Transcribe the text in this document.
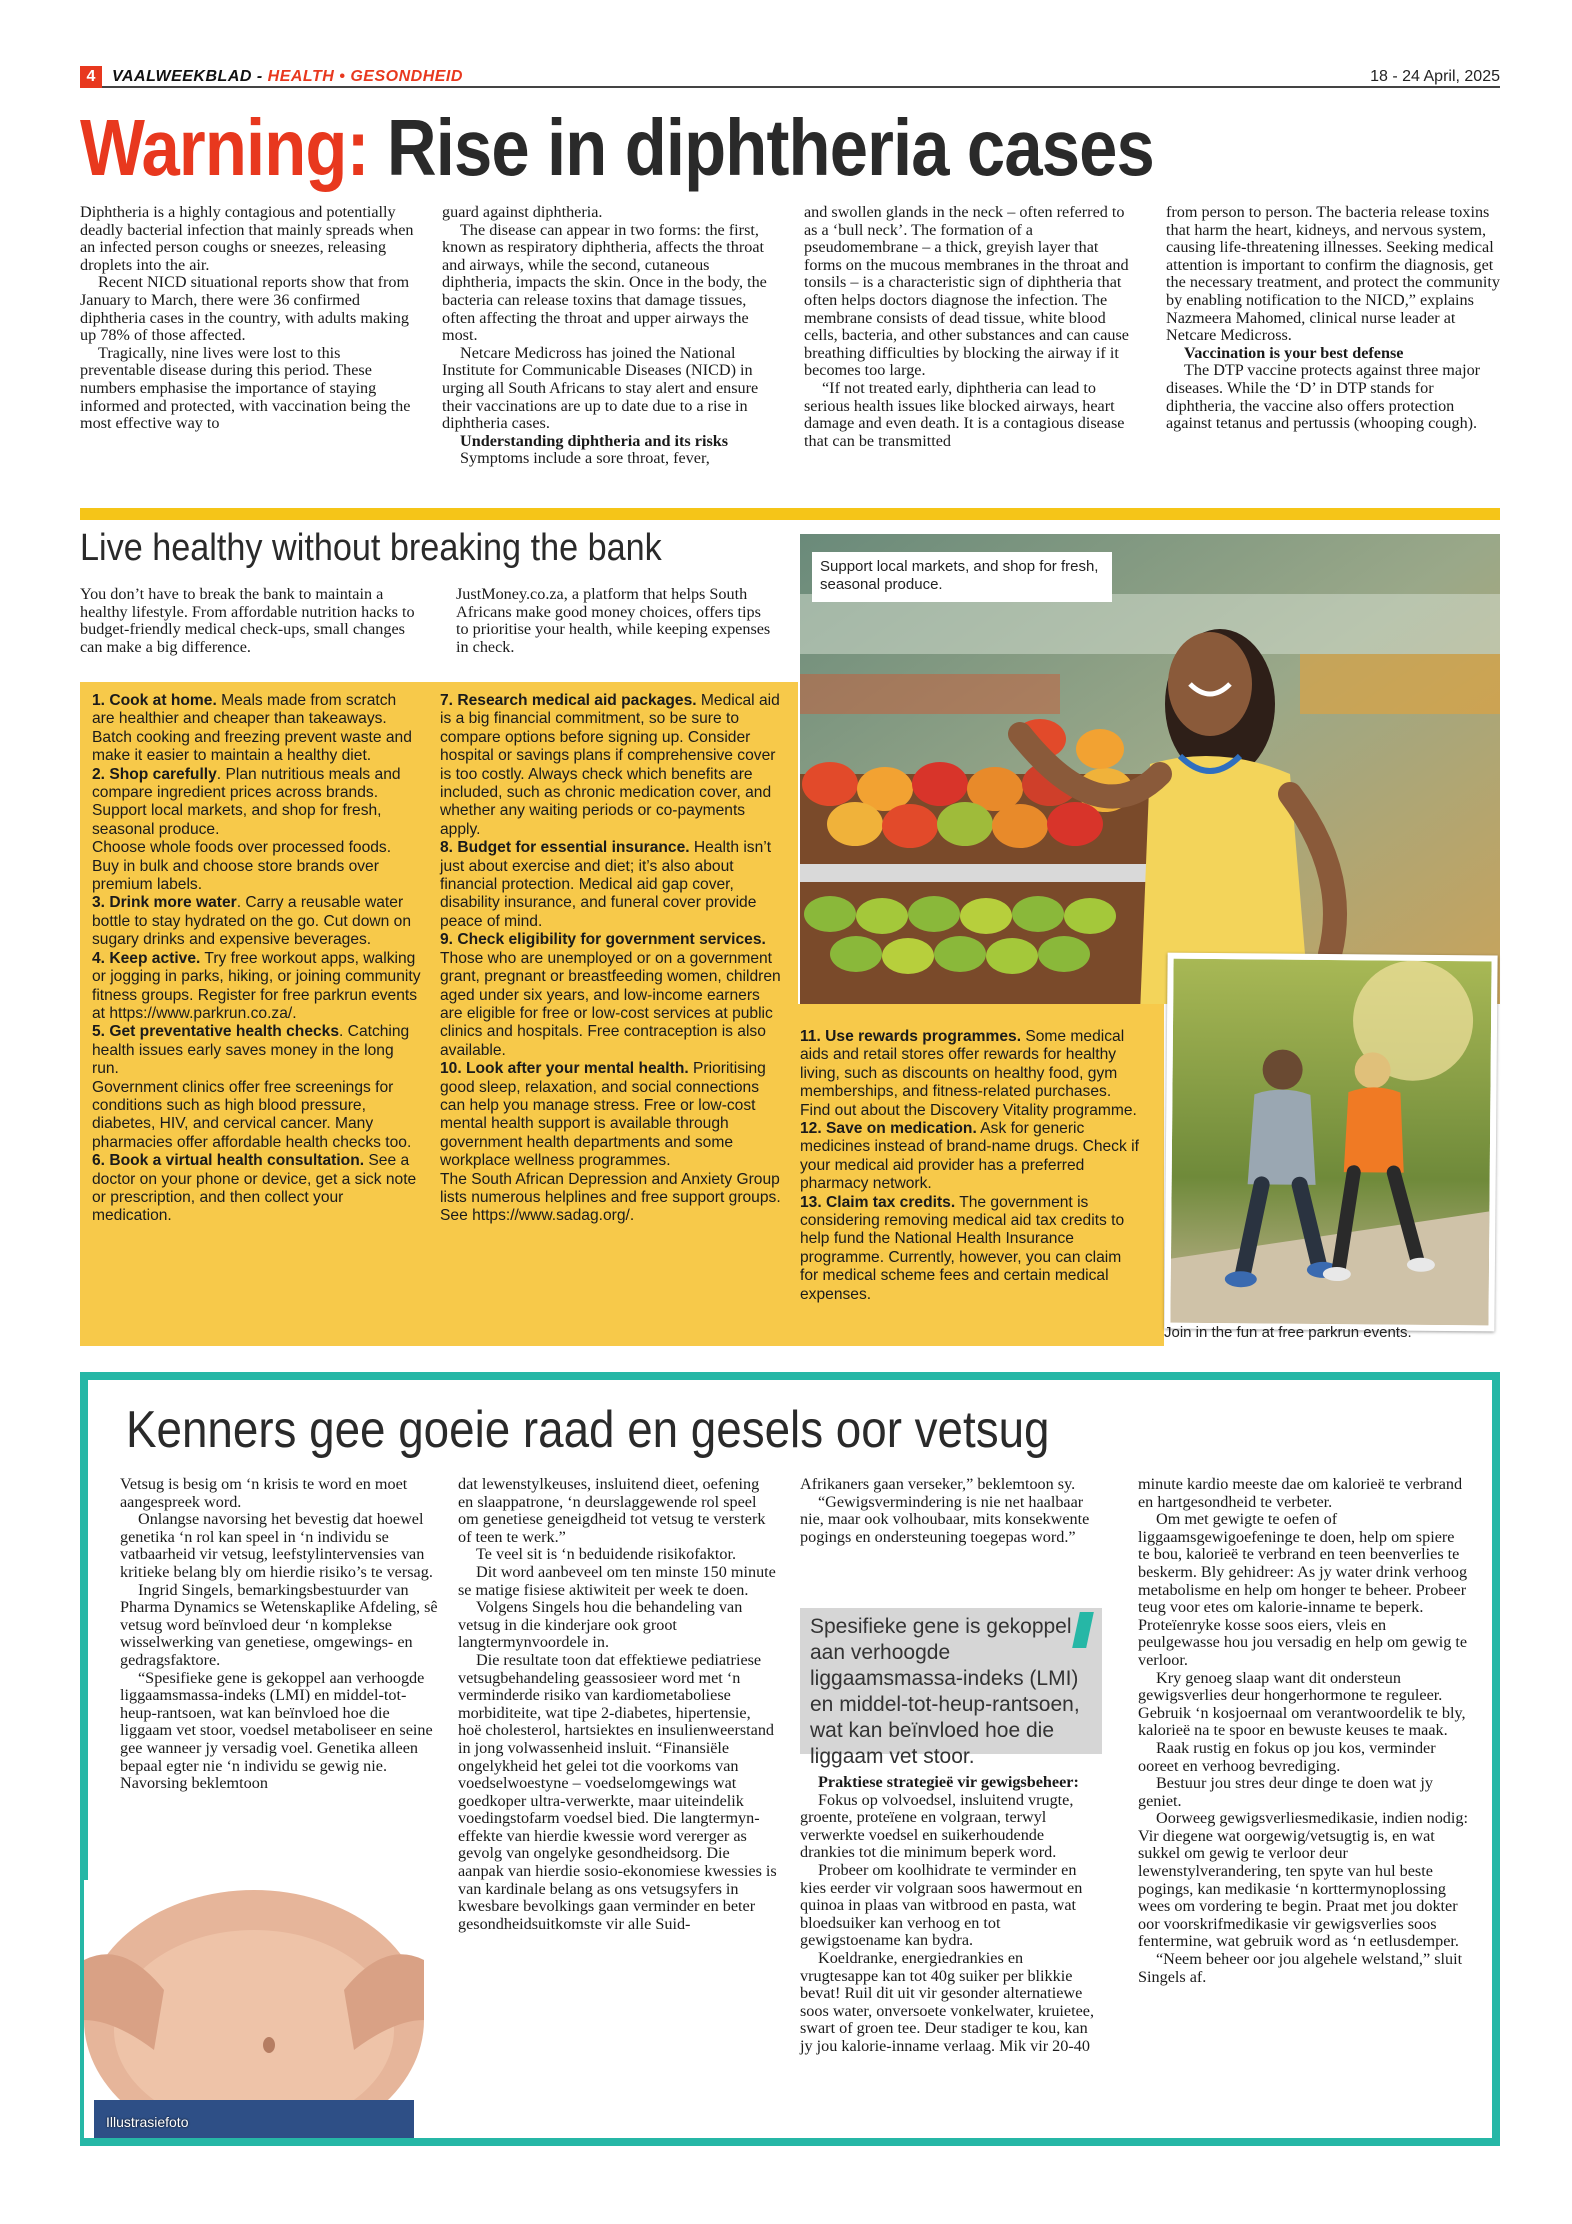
4	VAALWEEKBLAD - HEALTH • GESONDHEID	18 - 24 April, 2025
Warning: Rise in diphtheria cases

Diphtheria is a highly contagious and potentially deadly bacterial infection that mainly spreads when an infected person coughs or sneezes, releasing droplets into the air.

Recent NICD situational reports show that from January to March, there were 36 confirmed diphtheria cases in the country, with adults making up 78% of those affected.

Tragically, nine lives were lost to this preventable disease during this period. These numbers emphasise the importance of staying informed and protected, with vaccination being the most effective way to

guard against diphtheria.

The disease can appear in two forms: the first, known as respiratory diphtheria, affects the throat and airways, while the second, cutaneous diphtheria, impacts the skin. Once in the body, the bacteria can release toxins that damage tissues, often affecting the throat and upper airways the most.

Netcare Medicross has joined the National Institute for Communicable Diseases (NICD) in urging all South Africans to stay alert and ensure their vaccinations are up to date due to a rise in diphtheria cases.

Understanding diphtheria and its risks

Symptoms include a sore throat, fever,

and swollen glands in the neck – often referred to as a ‘bull neck’. The formation of a pseudomembrane – a thick, greyish layer that forms on the mucous membranes in the throat and tonsils – is a characteristic sign of diphtheria that often helps doctors diagnose the infection. The membrane consists of dead tissue, white blood cells, bacteria, and other substances and can cause breathing difficulties by blocking the airway if it becomes too large.

“If not treated early, diphtheria can lead to serious health issues like blocked airways, heart damage and even death. It is a contagious disease that can be transmitted

from person to person. The bacteria release toxins that harm the heart, kidneys, and nervous system, causing life-threatening illnesses. Seeking medical attention is important to confirm the diagnosis, get the necessary treatment, and protect the community by enabling notification to the NICD,” explains Nazmeera Mahomed, clinical nurse leader at Netcare Medicross.

Vaccination is your best defense

The DTP vaccine protects against three major diseases. While the ‘D’ in DTP stands for diphtheria, the vaccine also offers protection against tetanus and pertussis (whooping cough).

Live healthy without breaking the bank

You don’t have to break the bank to maintain a healthy lifestyle. From affordable nutrition hacks to budget-friendly medical check-ups, small changes can make a big difference.

JustMoney.co.za, a platform that helps South Africans make good money choices, offers tips to prioritise your health, while keeping expenses in check.

Support local markets, and shop for fresh, seasonal produce.

1. Cook at home. Meals made from scratch are healthier and cheaper than takeaways. Batch cooking and freezing prevent waste and make it easier to maintain a healthy diet.

2. Shop carefully. Plan nutritious meals and compare ingredient prices across brands. Support local markets, and shop for fresh, seasonal produce.

Choose whole foods over processed foods. Buy in bulk and choose store brands over premium labels.

3. Drink more water. Carry a reusable water bottle to stay hydrated on the go. Cut down on sugary drinks and expensive beverages.

4. Keep active. Try free workout apps, walking or jogging in parks, hiking, or joining community fitness groups. Register for free parkrun events at https://www.parkrun.co.za/.

5. Get preventative health checks. Catching health issues early saves money in the long run.

Government clinics offer free screenings for conditions such as high blood pressure, diabetes, HIV, and cervical cancer. Many pharmacies offer affordable health checks too.

6. Book a virtual health consultation. See a doctor on your phone or device, get a sick note or prescription, and then collect your medication.

7. Research medical aid packages. Medical aid is a big financial commitment, so be sure to compare options before signing up. Consider hospital or savings plans if comprehensive cover is too costly. Always check which benefits are included, such as chronic medication cover, and whether any waiting periods or co-payments apply.

8. Budget for essential insurance. Health isn’t just about exercise and diet; it’s also about financial protection. Medical aid gap cover, disability insurance, and funeral cover provide peace of mind.

9. Check eligibility for government services. Those who are unemployed or on a government grant, pregnant or breastfeeding women, children aged under six years, and low-income earners are eligible for free or low-cost services at public clinics and hospitals. Free contraception is also available.

10. Look after your mental health. Prioritising good sleep, relaxation, and social connections can help you manage stress. Free or low-cost mental health support is available through government health departments and some workplace wellness programmes.

The South African Depression and Anxiety Group lists numerous helplines and free support groups. See https://www.sadag.org/.

11. Use rewards programmes. Some medical aids and retail stores offer rewards for healthy living, such as discounts on healthy food, gym memberships, and fitness-related purchases. Find out about the Discovery Vitality programme.

12. Save on medication. Ask for generic medicines instead of brand-name drugs. Check if your medical aid provider has a preferred pharmacy network.

13. Claim tax credits. The government is considering removing medical aid tax credits to help fund the National Health Insurance programme. Currently, however, you can claim for medical scheme fees and certain medical expenses.

Join in the fun at free parkrun events.
Kenners gee goeie raad en gesels oor vetsug

Vetsug is besig om ‘n krisis te word en moet aangespreek word.

Onlangse navorsing het bevestig dat hoewel genetika ‘n rol kan speel in ‘n individu se vatbaarheid vir vetsug, leefstylintervensies van kritieke belang bly om hierdie risiko’s te versag.

Ingrid Singels, bemarkingsbestuurder van Pharma Dynamics se Wetenskaplike Afdeling, sê vetsug word beïnvloed deur ‘n komplekse wisselwerking van genetiese, omgewings- en gedragsfaktore.

“Spesifieke gene is gekoppel aan verhoogde liggaamsmassa-indeks (LMI) en middel-tot-heup-rantsoen, wat kan beïnvloed hoe die liggaam vet stoor, voedsel metaboliseer en seine gee wanneer jy versadig voel. Genetika alleen bepaal egter nie ‘n individu se gewig nie. Navorsing beklemtoon

dat lewenstylkeuses, insluitend dieet, oefening en slaappatrone, ‘n deurslaggewende rol speel om genetiese geneigdheid tot vetsug te versterk of teen te werk.”

Te veel sit is ‘n beduidende risikofaktor.

Dit word aanbeveel om ten minste 150 minute se matige fisiese aktiwiteit per week te doen.

Volgens Singels hou die behandeling van vetsug in die kinderjare ook groot langtermynvoordele in.

Die resultate toon dat effektiewe pediatriese vetsugbehandeling geassosieer word met ‘n verminderde risiko van kardiometaboliese morbiditeite, wat tipe 2-diabetes, hipertensie, hoë cholesterol, hartsiektes en insulienweerstand in jong volwassenheid insluit. “Finansiële ongelykheid het gelei tot die voorkoms van voedselwoestyne – voedselomgewings wat goedkoper ultra-verwerkte, maar uiteindelik voedingstofarm voedsel bied. Die langtermyn-effekte van hierdie kwessie word vererger as gevolg van ongelyke gesondheidsorg. Die aanpak van hierdie sosio-ekonomiese kwessies is van kardinale belang as ons vetsugsyfers in kwesbare bevolkings gaan verminder en beter gesondheidsuitkomste vir alle Suid-

Afrikaners gaan verseker,” beklemtoon sy.

“Gewigsvermindering is nie net haalbaar nie, maar ook volhoubaar, mits konsekwente pogings en ondersteuning toegepas word.”

Spesifieke gene is gekoppel aan verhoogde liggaamsmassa-indeks (LMI) en middel-tot-heup-rantsoen, wat kan beïnvloed hoe die liggaam vet stoor.
Praktiese strategieë vir gewigsbeheer:

Fokus op volvoedsel, insluitend vrugte, groente, proteïene en volgraan, terwyl verwerkte voedsel en suikerhoudende drankies tot die minimum beperk word.

Probeer om koolhidrate te verminder en kies eerder vir volgraan soos hawermout en quinoa in plaas van witbrood en pasta, wat bloedsuiker kan verhoog en tot gewigstoename kan bydra.

Koeldranke, energiedrankies en vrugtesappe kan tot 40g suiker per blikkie bevat! Ruil dit uit vir gesonder alternatiewe soos water, onversoete vonkelwater, kruietee, swart of groen tee. Deur stadiger te kou, kan jy jou kalorie-inname verlaag. Mik vir 20-40

minute kardio meeste dae om kalorieë te verbrand en hartgesondheid te verbeter.

Om met gewigte te oefen of liggaamsgewigoefeninge te doen, help om spiere te bou, kalorieë te verbrand en teen beenverlies te beskerm. Bly gehidreer: As jy water drink verhoog metabolisme en help om honger te beheer. Probeer teug voor etes om kalorie-inname te beperk. Proteïenryke kosse soos eiers, vleis en peulgewasse hou jou versadig en help om gewig te verloor.

Kry genoeg slaap want dit ondersteun gewigsverlies deur hongerhormone te reguleer. Gebruik ‘n kosjoernaal om verantwoordelik te bly, kalorieë na te spoor en bewuste keuses te maak.

Raak rustig en fokus op jou kos, verminder ooreet en verhoog bevrediging.

Bestuur jou stres deur dinge te doen wat jy geniet.

Oorweeg gewigsverliesmedikasie, indien nodig: Vir diegene wat oorgewig/vetsugtig is, en wat sukkel om gewig te verloor deur lewenstylverandering, ten spyte van hul beste pogings, kan medikasie ‘n korttermynoplossing wees om vordering te begin. Praat met jou dokter oor voorskrifmedikasie vir gewigsverlies soos fentermine, wat gebruik word as ‘n eetlusdemper.

“Neem beheer oor jou algehele welstand,” sluit Singels af.

Illustrasiefoto
